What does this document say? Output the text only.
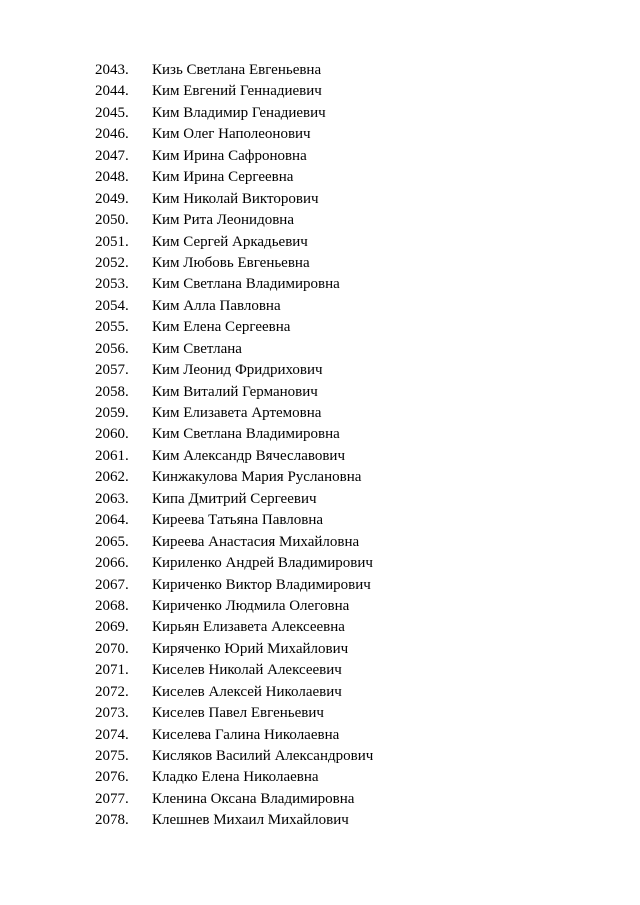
2043.	Кизь Светлана Евгеньевна
2044.	Ким Евгений Геннадиевич
2045.	Ким Владимир Генадиевич
2046.	Ким Олег Наполеонович
2047.	Ким Ирина Сафроновна
2048.	Ким Ирина Сергеевна
2049.	Ким Николай Викторович
2050.	Ким Рита Леонидовна
2051.	Ким Сергей Аркадьевич
2052.	Ким Любовь Евгеньевна
2053.	Ким Светлана Владимировна
2054.	Ким Алла Павловна
2055.	Ким Елена Сергеевна
2056.	Ким Светлана
2057.	Ким Леонид Фридрихович
2058.	Ким Виталий Германович
2059.	Ким Елизавета Артемовна
2060.	Ким Светлана Владимировна
2061.	Ким Александр Вячеславович
2062.	Кинжакулова Мария Руслановна
2063.	Кипа Дмитрий Сергеевич
2064.	Киреева Татьяна Павловна
2065.	Киреева Анастасия Михайловна
2066.	Кириленко Андрей Владимирович
2067.	Кириченко Виктор Владимирович
2068.	Кириченко Людмила Олеговна
2069.	Кирьян Елизавета Алексеевна
2070.	Киряченко Юрий Михайлович
2071.	Киселев Николай Алексеевич
2072.	Киселев Алексей Николаевич
2073.	Киселев Павел Евгеньевич
2074.	Киселева Галина Николаевна
2075.	Кисляков Василий Александрович
2076.	Кладко Елена Николаевна
2077.	Кленина Оксана Владимировна
2078.	Клешнев Михаил Михайлович
